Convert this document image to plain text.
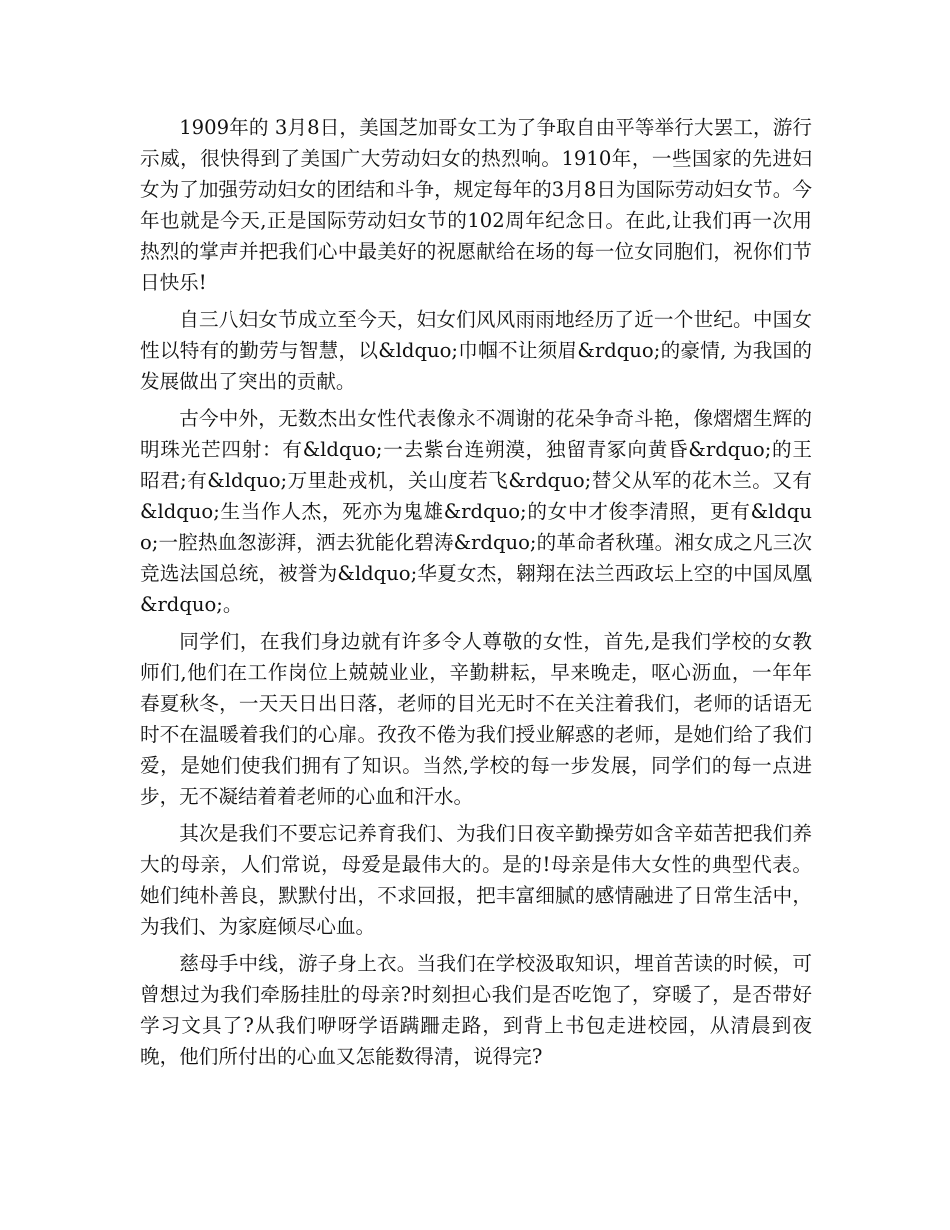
1909年的 3月8日，美国芝加哥女工为了争取自由平等举行大罢工，游行示威，很快得到了美国广大劳动妇女的热烈响。1910年，一些国家的先进妇女为了加强劳动妇女的团结和斗争，规定每年的3月8日为国际劳动妇女节。今年也就是今天,正是国际劳动妇女节的102周年纪念日。在此,让我们再一次用热烈的掌声并把我们心中最美好的祝愿献给在场的每一位女同胞们，祝你们节日快乐!

自三八妇女节成立至今天，妇女们风风雨雨地经历了近一个世纪。中国女性以特有的勤劳与智慧，以&ldquo;巾帼不让须眉&rdquo;的豪情, 为我国的发展做出了突出的贡献。

古今中外，无数杰出女性代表像永不凋谢的花朵争奇斗艳，像熠熠生辉的明珠光芒四射：有&ldquo;一去紫台连朔漠，独留青冢向黄昏&rdquo;的王昭君;有&ldquo;万里赴戎机，关山度若飞&rdquo;替父从军的花木兰。又有&ldquo;生当作人杰，死亦为鬼雄&rdquo;的女中才俊李清照，更有&ldquo;一腔热血怱澎湃，洒去犹能化碧涛&rdquo;的革命者秋瑾。湘女成之凡三次竞选法国总统，被誉为&ldquo;华夏女杰，翱翔在法兰西政坛上空的中国凤凰&rdquo;。

同学们，在我们身边就有许多令人尊敬的女性，首先,是我们学校的女教师们,他们在工作岗位上兢兢业业，辛勤耕耘，早来晚走，呕心沥血，一年年春夏秋冬，一天天日出日落，老师的目光无时不在关注着我们，老师的话语无时不在温暖着我们的心扉。孜孜不倦为我们授业解惑的老师，是她们给了我们爱，是她们使我们拥有了知识。当然,学校的每一步发展，同学们的每一点进步，无不凝结着着老师的心血和汗水。

其次是我们不要忘记养育我们、为我们日夜辛勤操劳如含辛茹苦把我们养大的母亲，人们常说，母爱是最伟大的。是的!母亲是伟大女性的典型代表。她们纯朴善良，默默付出，不求回报，把丰富细腻的感情融进了日常生活中，为我们、为家庭倾尽心血。

慈母手中线，游子身上衣。当我们在学校汲取知识，埋首苦读的时候，可曾想过为我们牵肠挂肚的母亲?时刻担心我们是否吃饱了，穿暖了，是否带好学习文具了?从我们咿呀学语蹒跚走路，到背上书包走进校园，从清晨到夜晚，他们所付出的心血又怎能数得清，说得完?
